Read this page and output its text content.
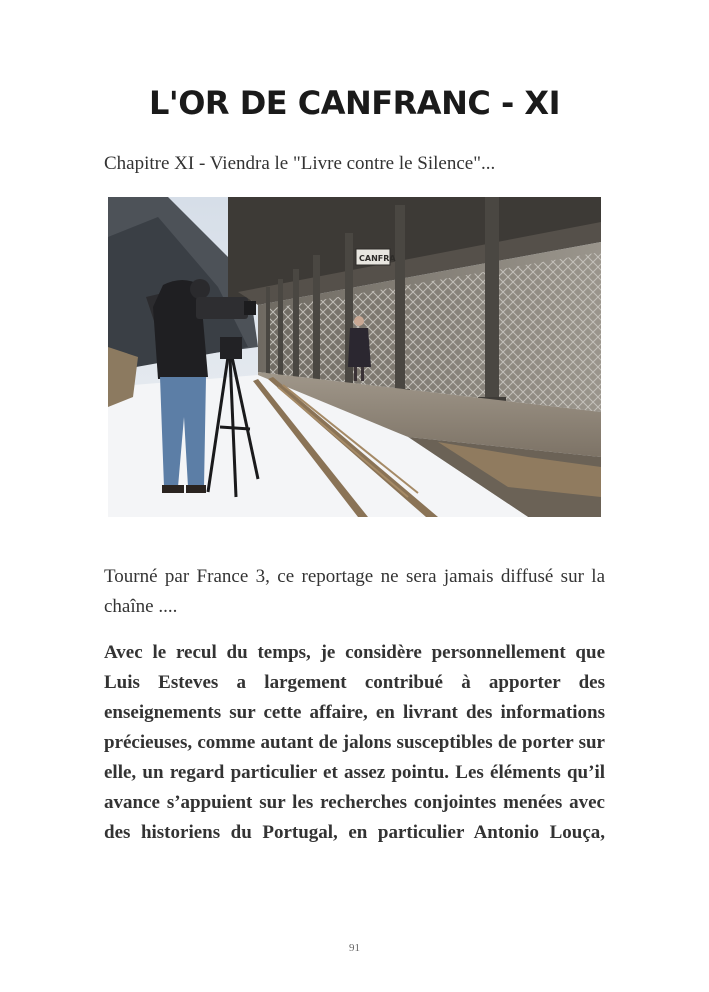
L'OR DE CANFRANC - XI

Chapitre XI - Viendra le "Livre contre le Silence"...

CANFRA

Tourné par France 3, ce reportage ne sera jamais diffusé sur la chaîne ....

Avec le recul du temps, je considère personnellement que Luis Esteves a largement contribué à apporter des enseignements sur cette affaire, en livrant des informations précieuses, comme autant de jalons susceptibles de porter sur elle, un regard particulier et assez pointu. Les éléments qu’il avance s’appuient sur les recherches conjointes menées avec des historiens du Portugal, en particulier Antonio Louça,

91
